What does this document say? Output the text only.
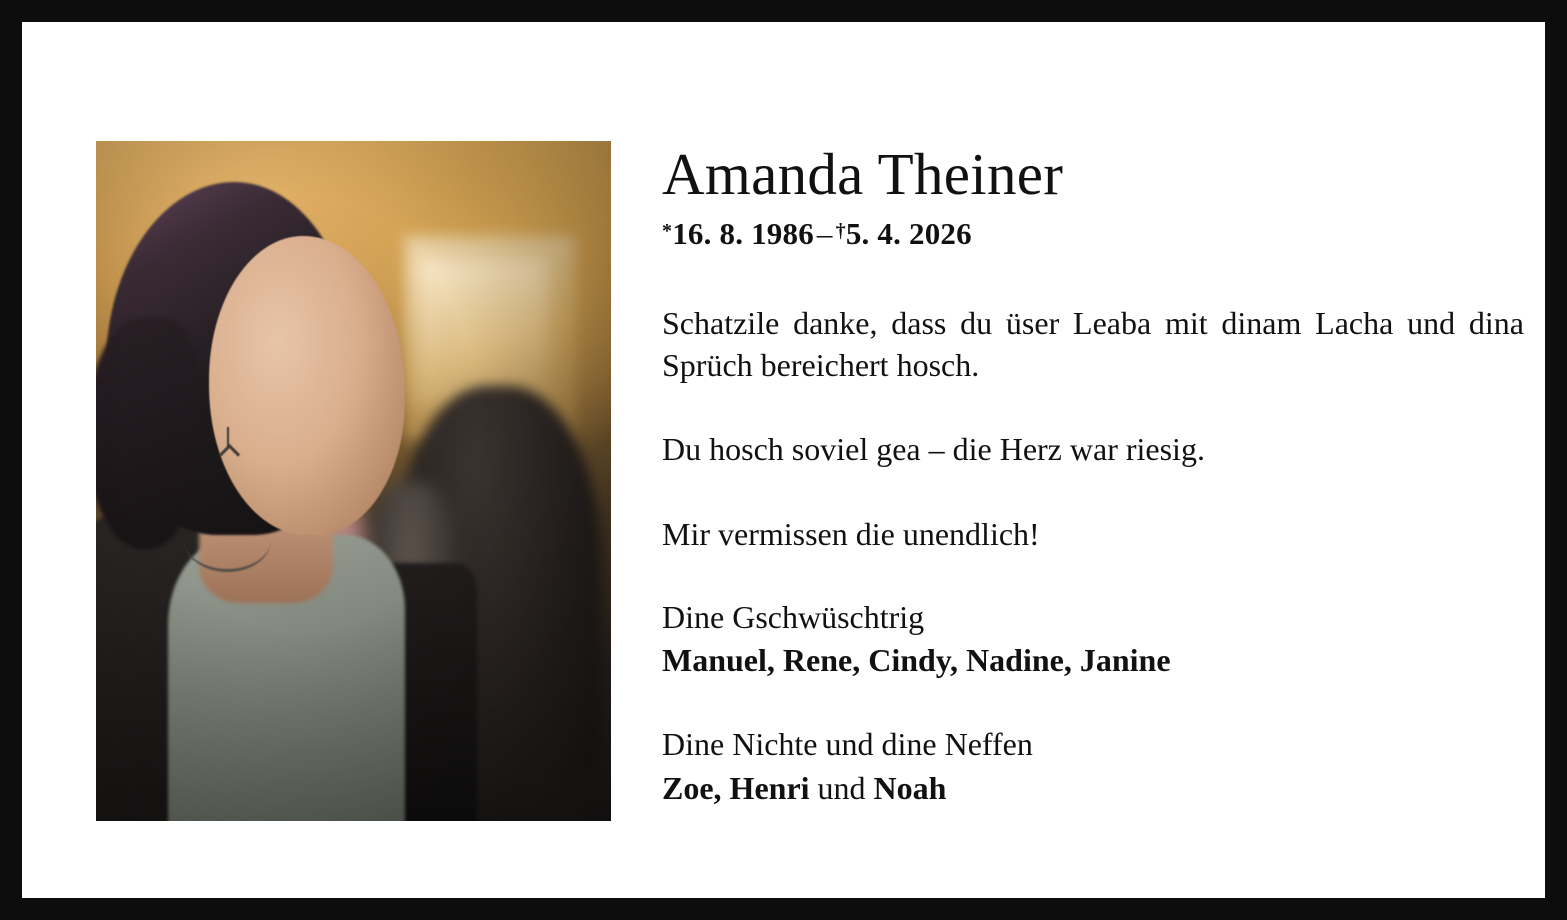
Amanda Theiner
*16. 8. 1986– †5. 4. 2026

Schatzile danke, dass du üser Leaba mit dinam Lacha und dina Sprüch bereichert hosch.

Du hosch soviel gea – die Herz war riesig.

Mir vermissen die unendlich!

Dine Gschwüschtrig
Manuel, Rene, Cindy, Nadine, Janine
Dine Nichte und dine Neffen
Zoe, Henri und Noah
